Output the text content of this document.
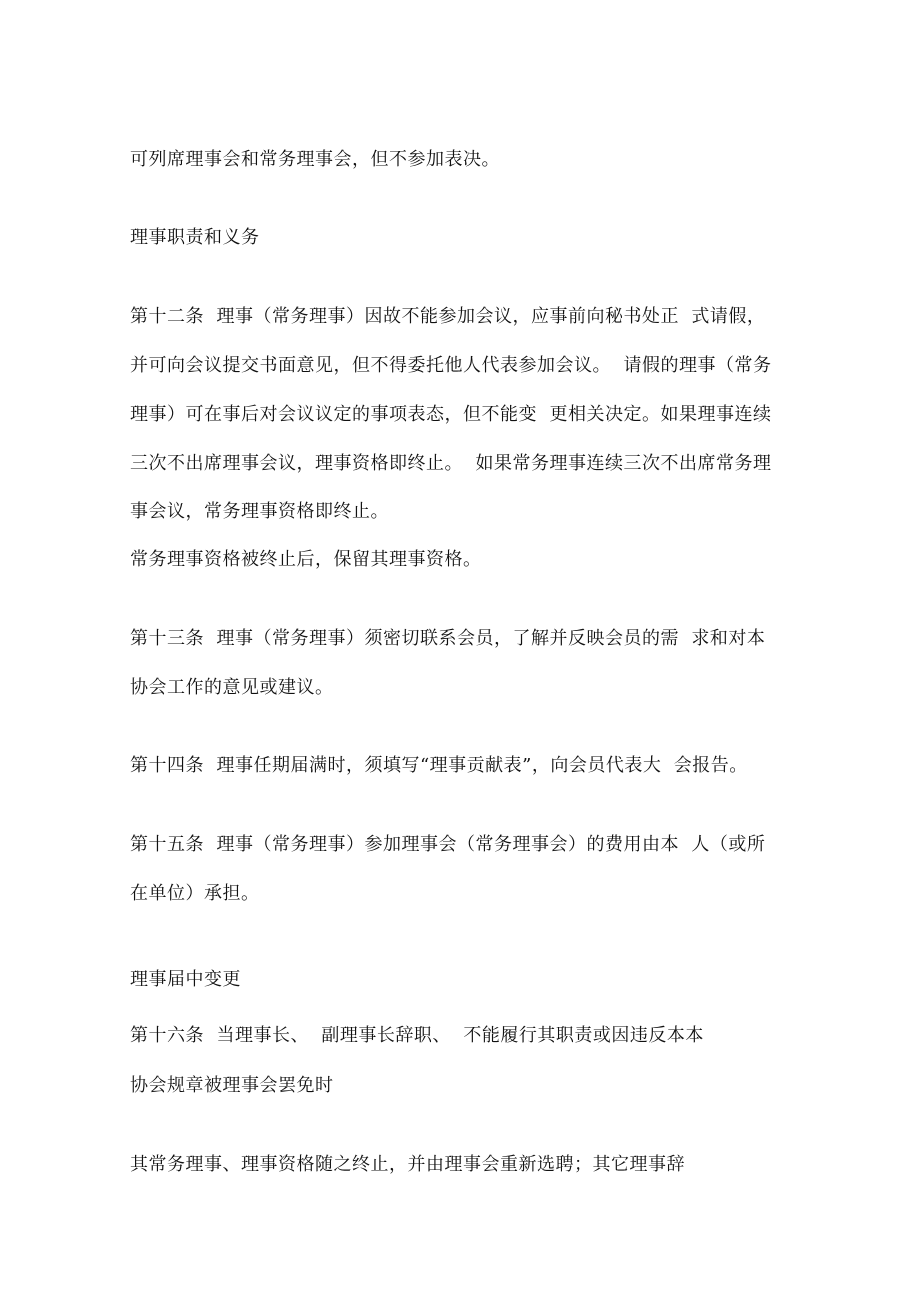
可列席理事会和常务理事会，但不参加表决。
理事职责和义务
第十二条  理事（常务理事）因故不能参加会议，应事前向秘书处正  式请假，
并可向会议提交书面意见，但不得委托他人代表参加会议。  请假的理事（常务
理事）可在事后对会议议定的事项表态，但不能变  更相关决定。如果理事连续
三次不出席理事会议，理事资格即终止。  如果常务理事连续三次不出席常务理
事会议，常务理事资格即终止。
常务理事资格被终止后，保留其理事资格。
第十三条  理事（常务理事）须密切联系会员，了解并反映会员的需  求和对本
协会工作的意见或建议。
第十四条  理事任期届满时，须填写“理事贡献表”，向会员代表大  会报告。
第十五条  理事（常务理事）参加理事会（常务理事会）的费用由本  人（或所
在单位）承担。
理事届中变更
第十六条  当理事长、  副理事长辞职、  不能履行其职责或因违反本本
协会规章被理事会罢免时
其常务理事、理事资格随之终止，并由理事会重新选聘；其它理事辞
